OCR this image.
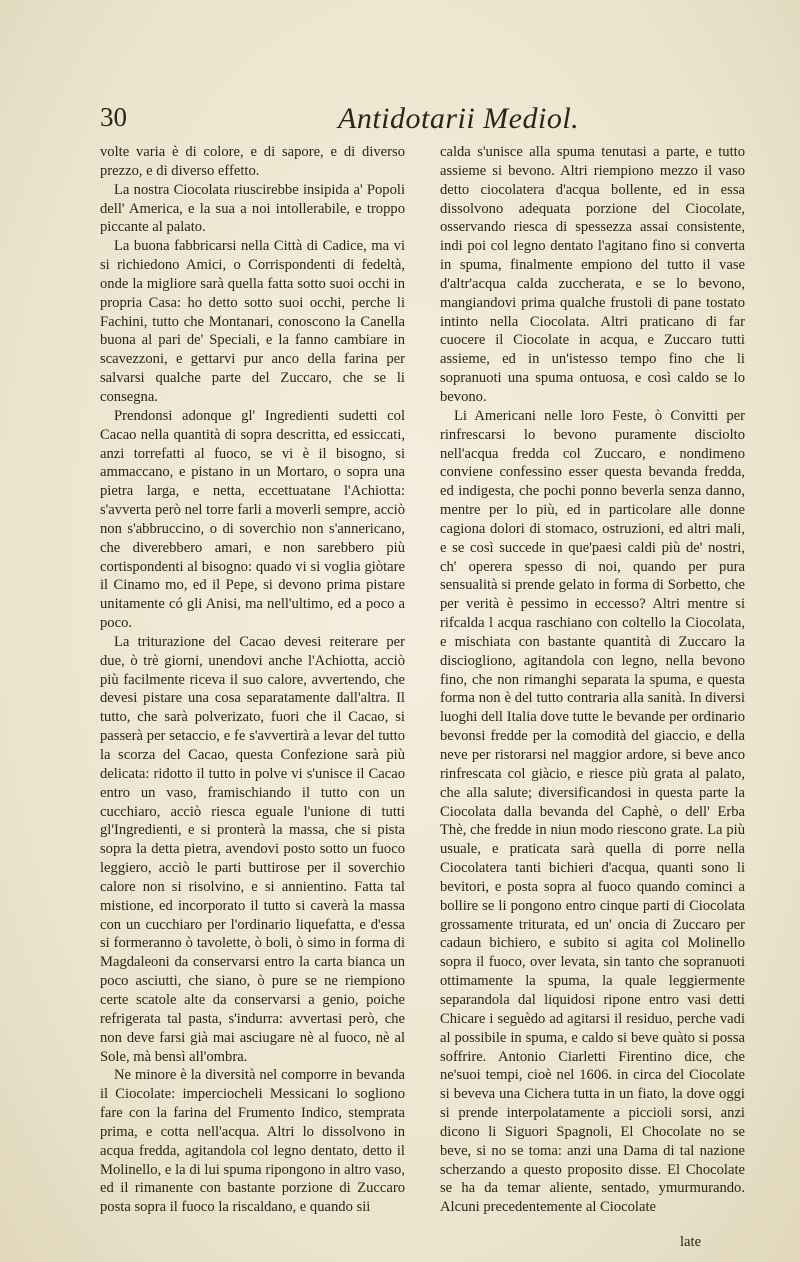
30	Antidotarii Mediol.

volte varia è di colore, e di sapore, e di diverso prezzo, e di diverso effetto.

La nostra Ciocolata riuscirebbe insipida a' Popoli dell' America, e la sua a noi intollerabile, e troppo piccante al palato.

La buona fabbricarsi nella Città di Cadice, ma vi si richiedono Amici, o Corrispondenti di fedeltà, onde la migliore sarà quella fatta sotto suoi occhi in propria Casa: ho detto sotto suoi occhi, perche li Fachini, tutto che Montanari, conoscono la Canella buona al pari de' Speciali, e la fanno cambiare in scavezzoni, e gettarvi pur anco della farina per salvarsi qualche parte del Zuccaro, che se li consegna.

Prendonsi adonque gl' Ingredienti sudetti col Cacao nella quantità di sopra descritta, ed essiccati, anzi torrefatti al fuoco, se vi è il bisogno, si ammaccano, e pistano in un Mortaro, o sopra una pietra larga, e netta, eccettuatane l'Achiotta: s'avverta però nel torre farli a moverli sempre, acciò non s'abbruccino, o di soverchio non s'annericano, che diverebbero amari, e non sarebbero più cortispondenti al bisogno: quado vi si voglia giòtare il Cinamo mo, ed il Pepe, si devono prima pistare unitamente có gli Anisi, ma nell'ultimo, ed a poco a poco.

La triturazione del Cacao devesi reiterare per due, ò trè giorni, unendovi anche l'Achiotta, acciò più facilmente riceva il suo calore, avvertendo, che devesi pistare una cosa separatamente dall'altra. Il tutto, che sarà polverizato, fuori che il Cacao, si passerà per setaccio, e fe s'avvertirà a levar del tutto la scorza del Cacao, questa Confezione sarà più delicata: ridotto il tutto in polve vi s'unisce il Cacao entro un vaso, framischiando il tutto con un cucchiaro, acciò riesca eguale l'unione di tutti gl'Ingredienti, e si pronterà la massa, che si pista sopra la detta pietra, avendovi posto sotto un fuoco leggiero, acciò le parti buttirose per il soverchio calore non si risolvino, e si annientino. Fatta tal mistione, ed incorporato il tutto si caverà la massa con un cucchiaro per l'ordinario liquefatta, e d'essa si formeranno ò tavolette, ò boli, ò simo in forma di Magdaleoni da conservarsi entro la carta bianca un poco asciutti, che siano, ò pure se ne riempiono certe scatole alte da conservarsi a genio, poiche refrigerata tal pasta, s'indurra: avvertasi però, che non deve farsi già mai asciugare nè al fuoco, nè al Sole, mà bensì all'ombra.

Ne minore è la diversità nel comporre in bevanda il Ciocolate: imperciocheli Messicani lo sogliono fare con la farina del Frumento Indico, stemprata prima, e cotta nell'acqua. Altri lo dissolvono in acqua fredda, agitandola col legno dentato, detto il Molinello, e la di lui spuma ripongono in altro vaso, ed il rimanente con bastante porzione di Zuccaro posta sopra il fuoco la riscaldano, e quando sii

calda s'unisce alla spuma tenutasi a parte, e tutto assieme si bevono. Altri riempiono mezzo il vaso detto ciocolatera d'acqua bollente, ed in essa dissolvono adequata porzione del Ciocolate, osservando riesca di spessezza assai consistente, indi poi col legno dentato l'agitano fino si converta in spuma, finalmente empiono del tutto il vase d'altr'acqua calda zuccherata, e se lo bevono, mangiandovi prima qualche frustoli di pane tostato intinto nella Ciocolata. Altri praticano di far cuocere il Ciocolate in acqua, e Zuccaro tutti assieme, ed in un'istesso tempo fino che li sopranuoti una spuma ontuosa, e così caldo se lo bevono.

Li Americani nelle loro Feste, ò Convitti per rinfrescarsi lo bevono puramente disciolto nell'acqua fredda col Zuccaro, e nondimeno conviene confessino esser questa bevanda fredda, ed indigesta, che pochi ponno beverla senza danno, mentre per lo più, ed in particolare alle donne cagiona dolori di stomaco, ostruzioni, ed altri mali, e se così succede in que'paesi caldi più de' nostri, ch' operera spesso di noi, quando per pura sensualità si prende gelato in forma di Sorbetto, che per verità è pessimo in eccesso? Altri mentre si rifcalda l acqua raschiano con coltello la Ciocolata, e mischiata con bastante quantità di Zuccaro la disciogliono, agitandola con legno, nella bevono fino, che non rimanghi separata la spuma, e questa forma non è del tutto contraria alla sanità. In diversi luoghi dell Italia dove tutte le bevande per ordinario bevonsi fredde per la comodità del giaccio, e della neve per ristorarsi nel maggior ardore, si beve anco rinfrescata col giàcio, e riesce più grata al palato, che alla salute; diversificandosi in questa parte la Ciocolata dalla bevanda del Caphè, o dell' Erba Thè, che fredde in niun modo riescono grate. La più usuale, e praticata sarà quella di porre nella Ciocolatera tanti bichieri d'acqua, quanti sono li bevitori, e posta sopra al fuoco quando cominci a bollire se li pongono entro cinque parti di Ciocolata grossamente triturata, ed un' oncia di Zuccaro per cadaun bichiero, e subito si agita col Molinello sopra il fuoco, over levata, sin tanto che sopranuoti ottimamente la spuma, la quale leggiermente separandola dal liquidosi ripone entro vasi detti Chicare i seguèdo ad agitarsi il residuo, perche vadi al possibile in spuma, e caldo si beve quàto si possa soffrire. Antonio Ciarletti Firentino dice, che ne'suoi tempi, cioè nel 1606. in circa del Ciocolate si beveva una Cichera tutta in un fiato, la dove oggi si prende interpolatamente a piccioli sorsi, anzi dicono li Siguori Spagnoli, El Chocolate no se beve, si no se toma: anzi una Dama di tal nazione scherzando a questo proposito disse. El Chocolate se ha da temar aliente, sentado, ymurmurando. Alcuni precedentemente al Ciocolate

late
